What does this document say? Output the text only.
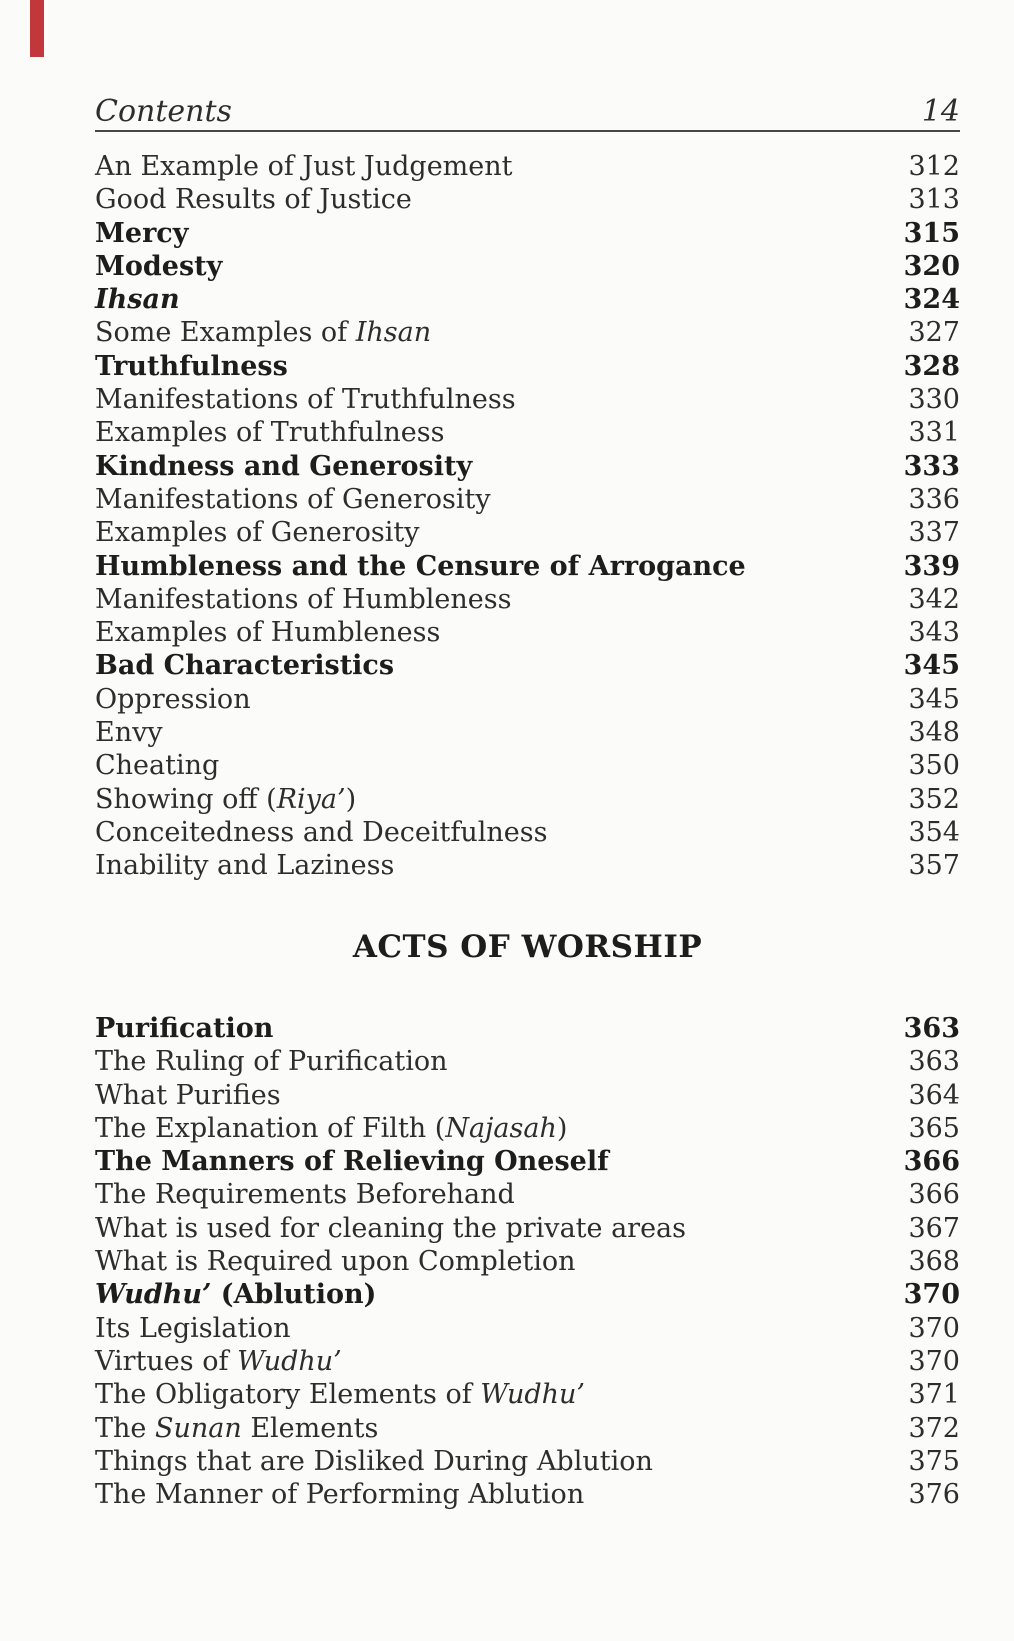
Contents	14
An Example of Just Judgement	312
Good Results of Justice	313
Mercy	315
Modesty	320
Ihsan	324
Some Examples of Ihsan	327
Truthfulness	328
Manifestations of Truthfulness	330
Examples of Truthfulness	331
Kindness and Generosity	333
Manifestations of Generosity	336
Examples of Generosity	337
Humbleness and the Censure of Arrogance	339
Manifestations of Humbleness	342
Examples of Humbleness	343
Bad Characteristics	345
Oppression	345
Envy	348
Cheating	350
Showing off (Riya’)	352
Conceitedness and Deceitfulness	354
Inability and Laziness	357
ACTS OF WORSHIP
Purification	363
The Ruling of Purification	363
What Purifies	364
The Explanation of Filth (Najasah)	365
The Manners of Relieving Oneself	366
The Requirements Beforehand	366
What is used for cleaning the private areas	367
What is Required upon Completion	368
Wudhu’ (Ablution)	370
Its Legislation	370
Virtues of Wudhu’	370
The Obligatory Elements of Wudhu’	371
The Sunan Elements	372
Things that are Disliked During Ablution	375
The Manner of Performing Ablution	376
